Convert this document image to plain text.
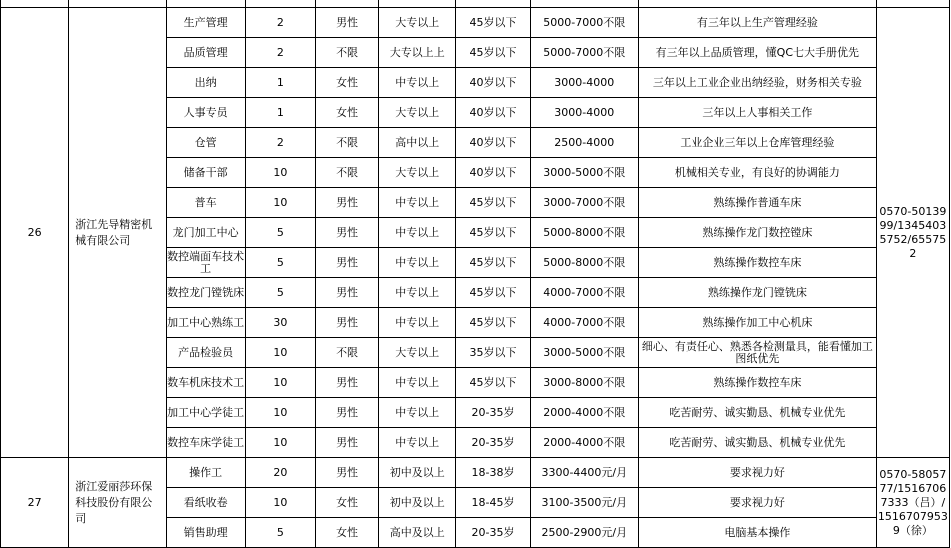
26	浙江先导精密机械有限公司	生产管理	2	男性	大专以上	45岁以下	5000-7000不限	有三年以上生产管理经验	0570-5013999/13454035752/655752
		品质管理	2	不限	大专以上上	45岁以下	5000-7000不限	有三年以上品质管理，懂QC七大手册优先	
		出纳	1	女性	中专以上	40岁以下	3000-4000	三年以上工业企业出纳经验，财务相关专验	
		人事专员	1	女性	大专以上	40岁以下	3000-4000	三年以上人事相关工作	
		仓管	2	不限	高中以上	40岁以下	2500-4000	工业企业三年以上仓库管理经验	
		储备干部	10	不限	大专以上	40岁以下	3000-5000不限	机械相关专业，有良好的协调能力	
		普车	10	男性	中专以上	45岁以下	3000-7000不限	熟练操作普通车床	
		龙门加工中心	5	男性	中专以上	45岁以下	5000-8000不限	熟练操作龙门数控镗床	
		数控端面车技术工	5	男性	中专以上	45岁以下	5000-8000不限	熟练操作数控车床	
		数控龙门镗铣床	5	男性	中专以上	45岁以下	4000-7000不限	熟练操作龙门镗铣床	
		加工中心熟练工	30	男性	中专以上	45岁以下	4000-7000不限	熟练操作加工中心机床	
		产品检验员	10	不限	大专以上	35岁以下	3000-5000不限	细心、有责任心、熟悉各检测量具，能看懂加工图纸优先	
		数车机床技术工	10	男性	中专以上	45岁以下	3000-8000不限	熟练操作数控车床	
		加工中心学徒工	10	男性	中专以上	20-35岁	2000-4000不限	吃苦耐劳、诚实勤恳、机械专业优先	
		数控车床学徒工	10	男性	中专以上	20-35岁	2000-4000不限	吃苦耐劳、诚实勤恳、机械专业优先	
27	浙江爱丽莎环保科技股份有限公司	操作工	20	男性	初中及以上	18-38岁	3300-4400元/月	要求视力好	0570-5805777/15167067333（吕）/15167079539（徐）
		看纸收卷	10	女性	初中及以上	18-45岁	3100-3500元/月	要求视力好	
		销售助理	5	女性	高中及以上	20-35岁	2500-2900元/月	电脑基本操作	
